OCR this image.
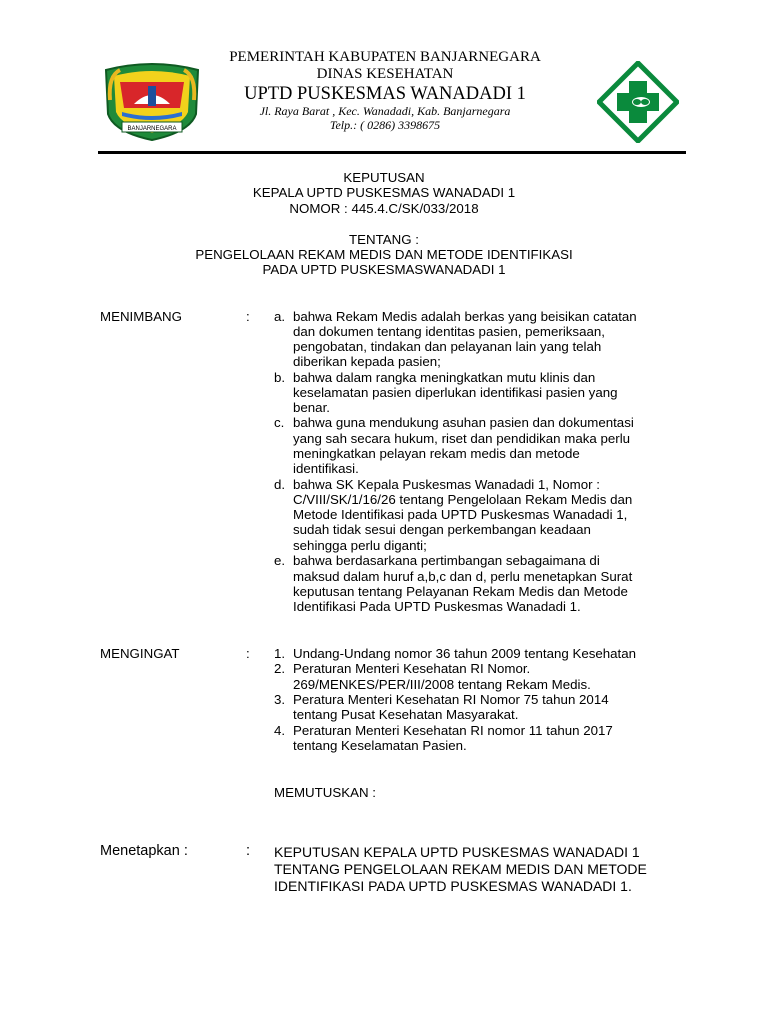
BANJARNEGARA
PEMERINTAH KABUPATEN BANJARNEGARA
DINAS KESEHATAN
UPTD PUSKESMAS WANADADI 1
Jl. Raya Barat , Kec. Wanadadi, Kab. Banjarnegara
Telp.: ( 0286) 3398675
KEPUTUSAN
KEPALA UPTD PUSKESMAS WANADADI 1
NOMOR : 445.4.C/SK/033/2018
TENTANG :
PENGELOLAAN REKAM MEDIS DAN METODE IDENTIFIKASI
PADA UPTD PUSKESMASWANADADI 1
MENIMBANG	: a. bahwa Rekam Medis adalah berkas yang beisikan catatan
dan dokumen tentang identitas pasien, pemeriksaan,
pengobatan, tindakan dan pelayanan lain yang telah
diberikan kepada pasien;
b. bahwa dalam rangka meningkatkan mutu klinis dan
keselamatan pasien diperlukan identifikasi pasien yang
benar.
c. bahwa guna mendukung asuhan pasien dan dokumentasi
yang sah secara hukum, riset dan pendidikan maka perlu
meningkatkan pelayan rekam medis dan metode
identifikasi.
d. bahwa SK Kepala Puskesmas Wanadadi 1, Nomor :
C/VIII/SK/1/16/26 tentang Pengelolaan Rekam Medis dan
Metode Identifikasi pada UPTD Puskesmas Wanadadi 1,
sudah tidak sesui dengan perkembangan keadaan
sehingga perlu diganti;
e. bahwa berdasarkana pertimbangan sebagaimana di
maksud dalam huruf a,b,c dan d, perlu menetapkan Surat
keputusan tentang Pelayanan Rekam Medis dan Metode
Identifikasi Pada UPTD Puskesmas Wanadadi 1.
MENGINGAT	: 1. Undang-Undang nomor 36 tahun 2009 tentang Kesehatan
2. Peraturan Menteri Kesehatan RI Nomor.
269/MENKES/PER/III/2008 tentang Rekam Medis.
3. Peratura Menteri Kesehatan RI Nomor 75 tahun 2014
tentang Pusat Kesehatan Masyarakat.
4. Peraturan Menteri Kesehatan RI nomor 11 tahun 2017
tentang Keselamatan Pasien.
MEMUTUSKAN :
Menetapkan :	: KEPUTUSAN KEPALA UPTD PUSKESMAS WANADADI 1
TENTANG PENGELOLAAN REKAM MEDIS DAN METODE
IDENTIFIKASI PADA UPTD PUSKESMAS WANADADI 1.
